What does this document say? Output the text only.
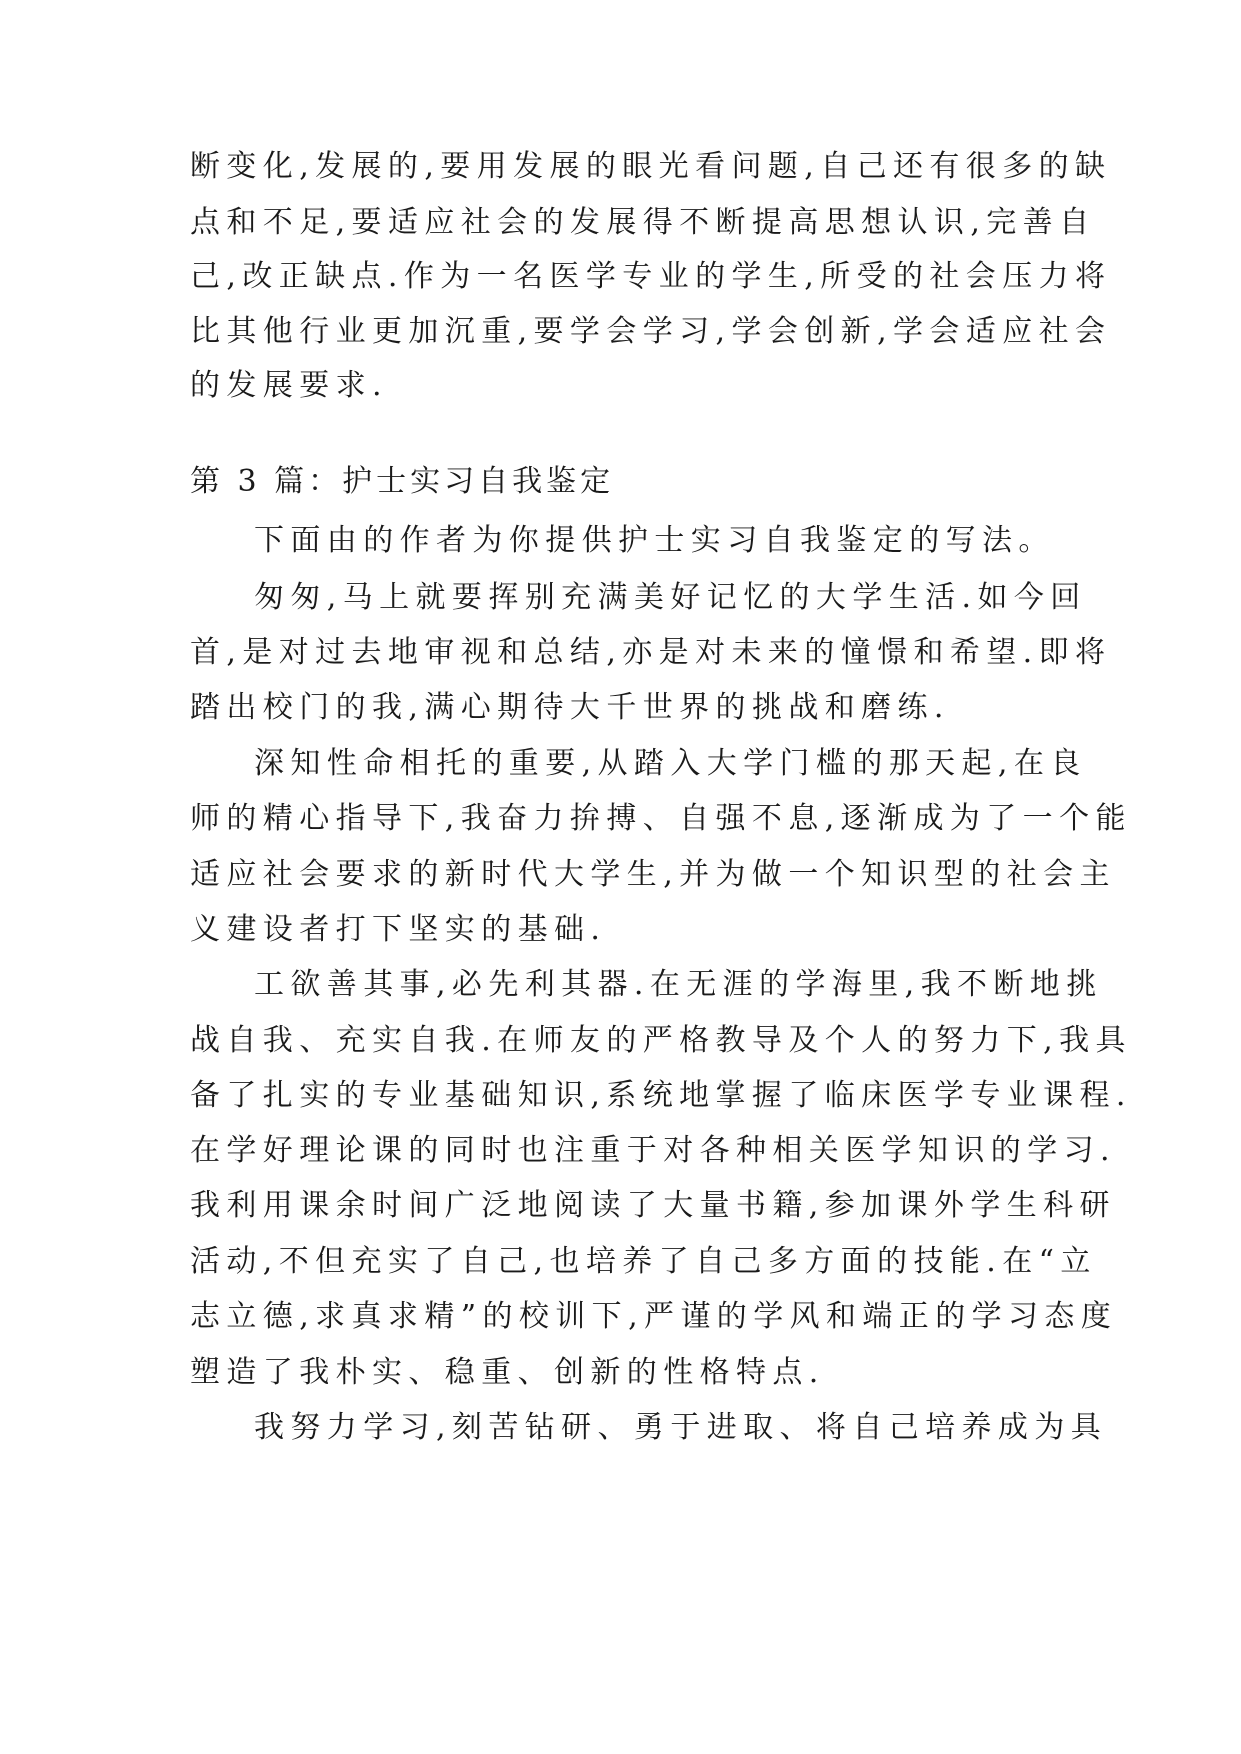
断变化,发展的,要用发展的眼光看问题,自己还有很多的缺
点和不足,要适应社会的发展得不断提高思想认识,完善自
己,改正缺点.作为一名医学专业的学生,所受的社会压力将
比其他行业更加沉重,要学会学习,学会创新,学会适应社会
的发展要求.
第 3 篇：护士实习自我鉴定
下面由的作者为你提供护士实习自我鉴定的写法。
匆匆,马上就要挥别充满美好记忆的大学生活.如今回
首,是对过去地审视和总结,亦是对未来的憧憬和希望.即将
踏出校门的我,满心期待大千世界的挑战和磨练.
深知性命相托的重要,从踏入大学门槛的那天起,在良
师的精心指导下,我奋力拚搏、自强不息,逐渐成为了一个能
适应社会要求的新时代大学生,并为做一个知识型的社会主
义建设者打下坚实的基础.
工欲善其事,必先利其器.在无涯的学海里,我不断地挑
战自我、充实自我.在师友的严格教导及个人的努力下,我具
备了扎实的专业基础知识,系统地掌握了临床医学专业课程.
在学好理论课的同时也注重于对各种相关医学知识的学习.
我利用课余时间广泛地阅读了大量书籍,参加课外学生科研
活动,不但充实了自己,也培养了自己多方面的技能.在“立
志立德,求真求精”的校训下,严谨的学风和端正的学习态度
塑造了我朴实、稳重、创新的性格特点.
我努力学习,刻苦钻研、勇于进取、将自己培养成为具
